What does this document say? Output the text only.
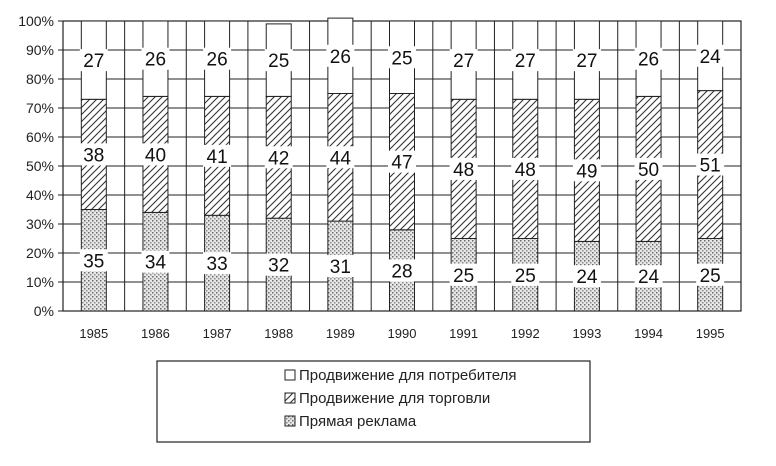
0%
10%
20%
30%
40%
50%
60%
70%
80%
90%
100%
35
38
27
1985
34
40
26
1986
33
41
26
1987
32
42
25
1988
31
44
26
1989
28
47
25
1990
25
48
27
1991
25
48
27
1992
24
49
27
1993
24
50
26
1994
25
51
24
1995
Продвижение для потребителя
Продвижение для торговли
Прямая реклама
